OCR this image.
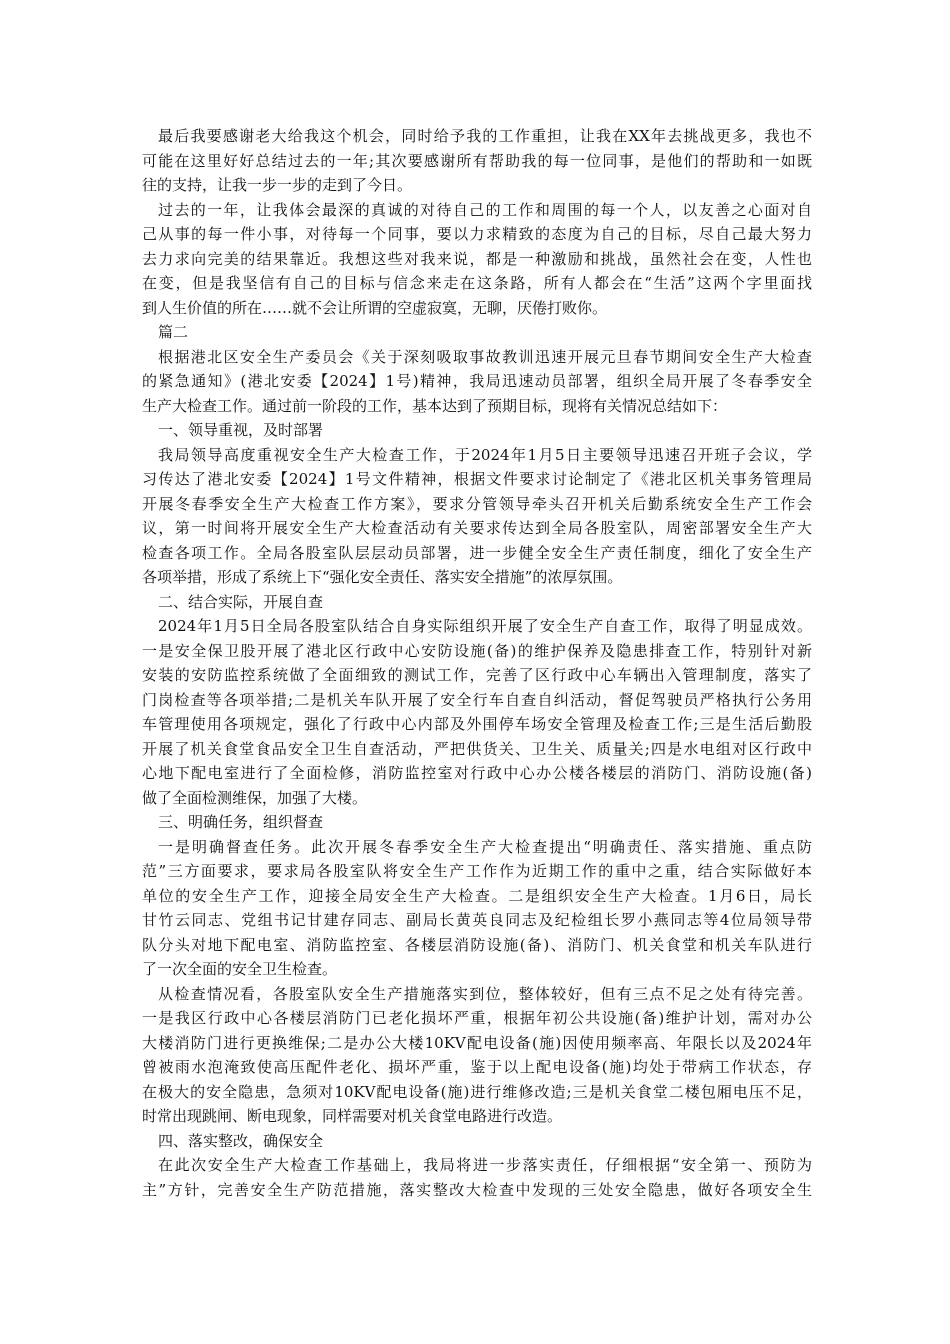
最后我要感谢老大给我这个机会，同时给予我的工作重担，让我在XX年去挑战更多，我也不
可能在这里好好总结过去的一年;其次要感谢所有帮助我的每一位同事，是他们的帮助和一如既
往的支持，让我一步一步的走到了今日。
过去的一年，让我体会最深的真诚的对待自己的工作和周围的每一个人，以友善之心面对自
己从事的每一件小事，对待每一个同事，要以力求精致的态度为自己的目标，尽自己最大努力
去力求向完美的结果靠近。我想这些对我来说，都是一种激励和挑战，虽然社会在变，人性也
在变，但是我坚信有自己的目标与信念来走在这条路，所有人都会在“生活”这两个字里面找
到人生价值的所在……就不会让所谓的空虚寂寞，无聊，厌倦打败你。
篇二
根据港北区安全生产委员会《关于深刻吸取事故教训迅速开展元旦春节期间安全生产大检查
的紧急通知》(港北安委【2024】1号)精神，我局迅速动员部署，组织全局开展了冬春季安全
生产大检查工作。通过前一阶段的工作，基本达到了预期目标，现将有关情况总结如下：
一、领导重视，及时部署
我局领导高度重视安全生产大检查工作，于2024年1月5日主要领导迅速召开班子会议，学
习传达了港北安委【2024】1号文件精神，根据文件要求讨论制定了《港北区机关事务管理局
开展冬春季安全生产大检查工作方案》，要求分管领导牵头召开机关后勤系统安全生产工作会
议，第一时间将开展安全生产大检查活动有关要求传达到全局各股室队，周密部署安全生产大
检查各项工作。全局各股室队层层动员部署，进一步健全安全生产责任制度，细化了安全生产
各项举措，形成了系统上下“强化安全责任、落实安全措施”的浓厚氛围。
二、结合实际，开展自查
2024年1月5日全局各股室队结合自身实际组织开展了安全生产自查工作，取得了明显成效。
一是安全保卫股开展了港北区行政中心安防设施(备)的维护保养及隐患排查工作，特别针对新
安装的安防监控系统做了全面细致的测试工作，完善了区行政中心车辆出入管理制度，落实了
门岗检查等各项举措;二是机关车队开展了安全行车自查自纠活动，督促驾驶员严格执行公务用
车管理使用各项规定，强化了行政中心内部及外围停车场安全管理及检查工作;三是生活后勤股
开展了机关食堂食品安全卫生自查活动，严把供货关、卫生关、质量关;四是水电组对区行政中
心地下配电室进行了全面检修，消防监控室对行政中心办公楼各楼层的消防门、消防设施(备)
做了全面检测维保，加强了大楼。
三、明确任务，组织督查
一是明确督查任务。此次开展冬春季安全生产大检查提出“明确责任、落实措施、重点防
范”三方面要求，要求局各股室队将安全生产工作作为近期工作的重中之重，结合实际做好本
单位的安全生产工作，迎接全局安全生产大检查。二是组织安全生产大检查。1月6日，局长
甘竹云同志、党组书记甘建存同志、副局长黄英良同志及纪检组长罗小燕同志等4位局领导带
队分头对地下配电室、消防监控室、各楼层消防设施(备)、消防门、机关食堂和机关车队进行
了一次全面的安全卫生检查。
从检查情况看，各股室队安全生产措施落实到位，整体较好，但有三点不足之处有待完善。
一是我区行政中心各楼层消防门已老化损坏严重，根据年初公共设施(备)维护计划，需对办公
大楼消防门进行更换维保;二是办公大楼10KV配电设备(施)因使用频率高、年限长以及2024年
曾被雨水泡淹致使高压配件老化、损坏严重，鉴于以上配电设备(施)均处于带病工作状态，存
在极大的安全隐患，急须对10KV配电设备(施)进行维修改造;三是机关食堂二楼包厢电压不足，
时常出现跳闸、断电现象，同样需要对机关食堂电路进行改造。
四、落实整改，确保安全
在此次安全生产大检查工作基础上，我局将进一步落实责任，仔细根据“安全第一、预防为
主”方针，完善安全生产防范措施，落实整改大检查中发现的三处安全隐患，做好各项安全生
